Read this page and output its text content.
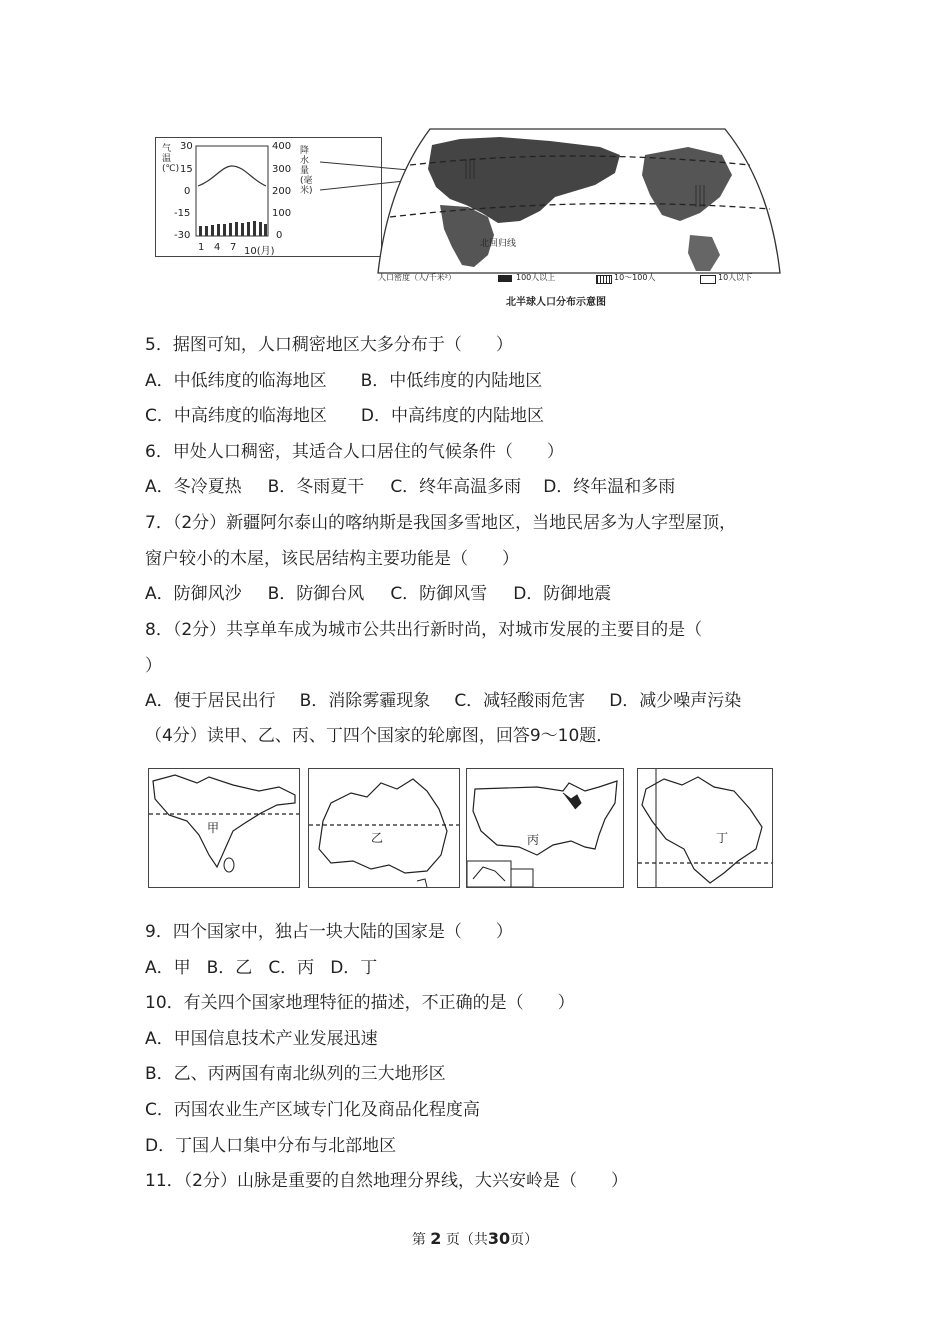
气温(℃)
30
15
0
-15
-30
400
300
200
100
0
降水量(毫米)
1 4 7 10(月)
北回归线
人口密度（人/千米²）	100人以上	10～100人	10人以下
北半球人口分布示意图
5．据图可知，人口稠密地区大多分布于（　　）
A．中低纬度的临海地区 B．中低纬度的内陆地区
C．中高纬度的临海地区 D．中高纬度的内陆地区
6．甲处人口稠密，其适合人口居住的气候条件（　　）
A．冬冷夏热 B．冬雨夏干 C．终年高温多雨 D．终年温和多雨
7．（2分）新疆阿尔泰山的喀纳斯是我国多雪地区，当地民居多为人字型屋顶，
窗户较小的木屋，该民居结构主要功能是（　　）
A．防御风沙 B．防御台风 C．防御风雪 D．防御地震
8．（2分）共享单车成为城市公共出行新时尚，对城市发展的主要目的是（
）
A．便于居民出行 B．消除雾霾现象 C．减轻酸雨危害 D．减少噪声污染
（4分）读甲、乙、丙、丁四个国家的轮廓图，回答9～10题．
甲
乙	丙	丁
9．四个国家中，独占一块大陆的国家是（　　）
A．甲 B．乙 C．丙 D．丁
10．有关四个国家地理特征的描述，不正确的是（　　）
A．甲国信息技术产业发展迅速
B．乙、丙两国有南北纵列的三大地形区
C．丙国农业生产区域专门化及商品化程度高
D．丁国人口集中分布与北部地区
11．（2分）山脉是重要的自然地理分界线，大兴安岭是（　　）
第 2 页（共30页）
